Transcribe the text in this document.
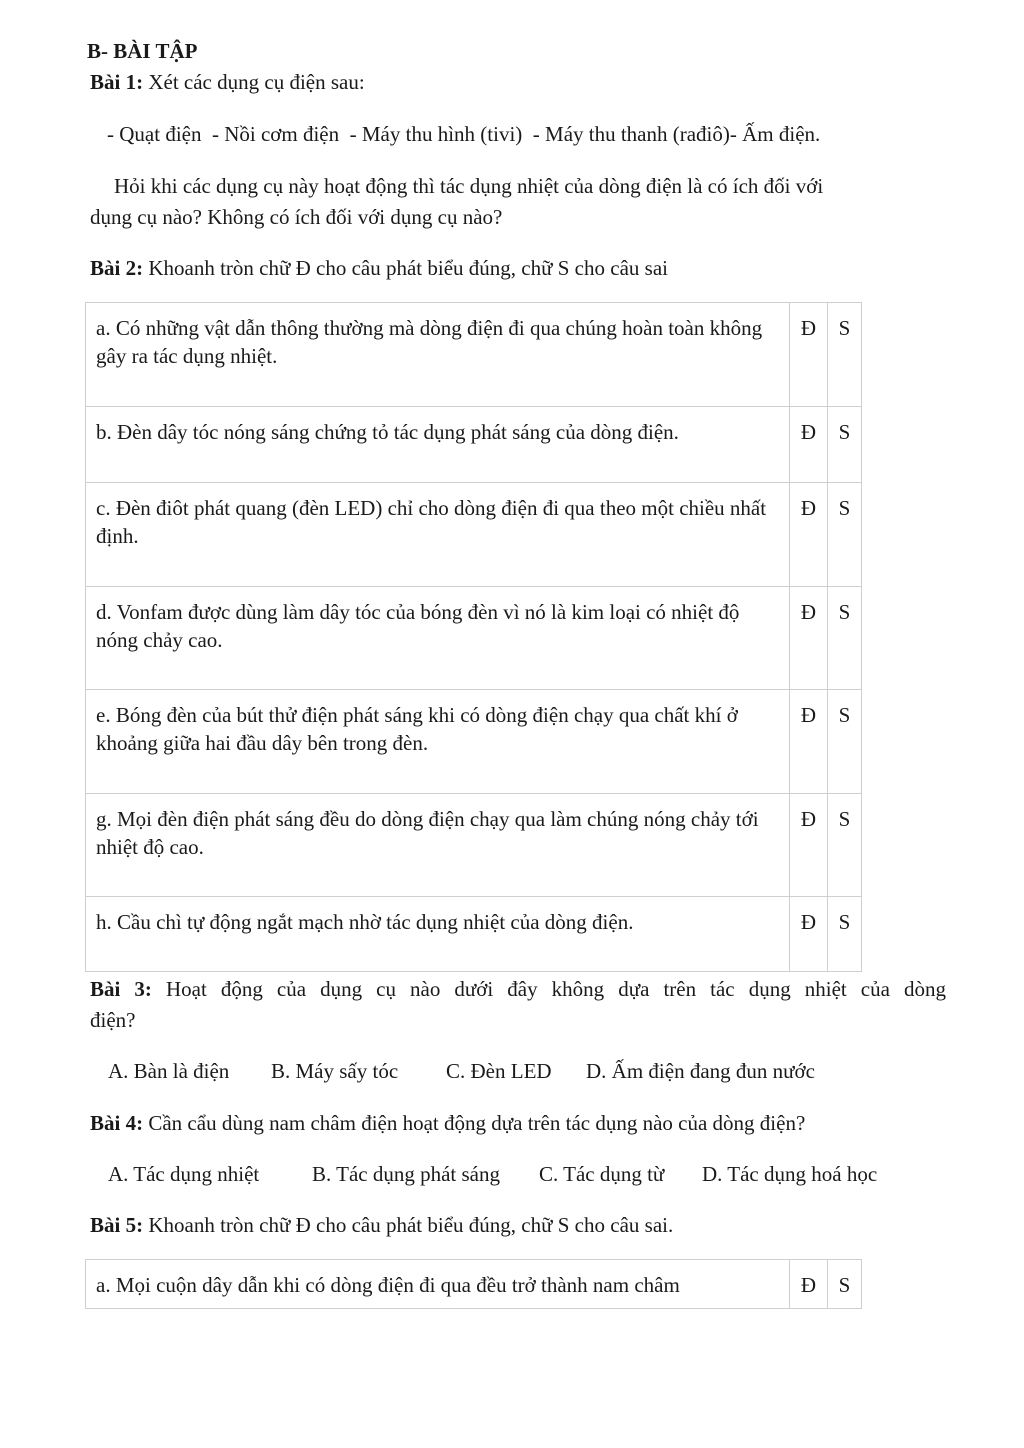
B- BÀI TẬP
Bài 1: Xét các dụng cụ điện sau:
- Quạt điện  - Nồi cơm điện  - Máy thu hình (tivi)  - Máy thu thanh (rađiô)- Ấm điện.
Hỏi khi các dụng cụ này hoạt động thì tác dụng nhiệt của dòng điện là có ích đối với
dụng cụ nào? Không có ích đối với dụng cụ nào?
Bài 2: Khoanh tròn chữ Đ cho câu phát biểu đúng, chữ S cho câu sai
a. Có những vật dẫn thông thường mà dòng điện đi qua chúng hoàn toàn không gây ra tác dụng nhiệt.	Đ	S
b. Đèn dây tóc nóng sáng chứng tỏ tác dụng phát sáng của dòng điện.	Đ	S
c. Đèn điôt phát quang (đèn LED) chỉ cho dòng điện đi qua theo một chiều nhất định.	Đ	S
d. Vonfam được dùng làm dây tóc của bóng đèn vì nó là kim loại có nhiệt độ nóng chảy cao.	Đ	S
e. Bóng đèn của bút thử điện phát sáng khi có dòng điện chạy qua chất khí ở khoảng giữa hai đầu dây bên trong đèn.	Đ	S
g. Mọi đèn điện phát sáng đều do dòng điện chạy qua làm chúng nóng chảy tới nhiệt độ cao.	Đ	S
h. Cầu chì tự động ngắt mạch nhờ tác dụng nhiệt của dòng điện.	Đ	S
Bài 3: Hoạt động của dụng cụ nào dưới đây không dựa trên tác dụng nhiệt của dòng
điện?
A. Bàn là điện B. Máy sấy tóc C. Đèn LED D. Ấm điện đang đun nước
Bài 4: Cần cẩu dùng nam châm điện hoạt động dựa trên tác dụng nào của dòng điện?
A. Tác dụng nhiệt	B. Tác dụng phát sáng C. Tác dụng từ D. Tác dụng hoá học
Bài 5: Khoanh tròn chữ Đ cho câu phát biểu đúng, chữ S cho câu sai.
a. Mọi cuộn dây dẫn khi có dòng điện đi qua đều trở thành nam châm	Đ	S
